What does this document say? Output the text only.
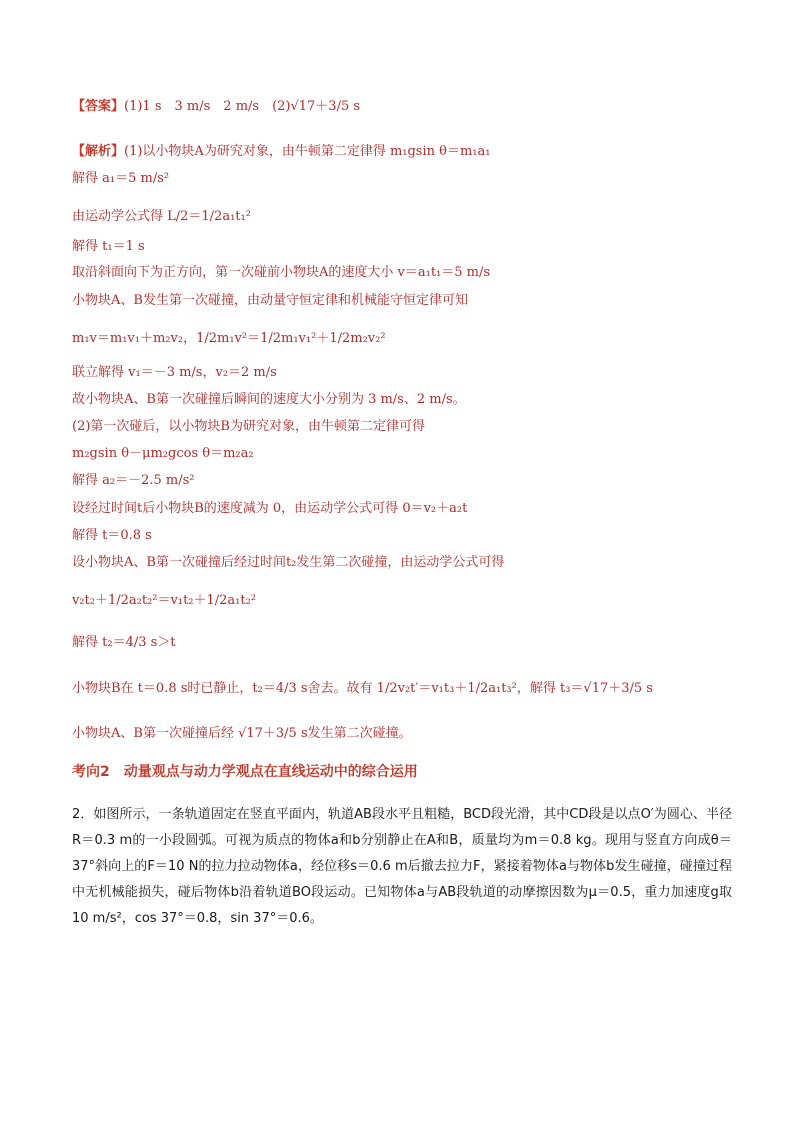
【答案】(1)1 s　3 m/s　2 m/s　(2)√17＋3/5 s
【解析】(1)以小物块A为研究对象，由牛顿第二定律得 m₁gsin θ＝m₁a₁
解得 a₁＝5 m/s²
由运动学公式得 L/2＝1/2a₁t₁²
解得 t₁＝1 s
取沿斜面向下为正方向，第一次碰前小物块A的速度大小 v＝a₁t₁＝5 m/s
小物块A、B发生第一次碰撞，由动量守恒定律和机械能守恒定律可知
m₁v＝m₁v₁＋m₂v₂，1/2m₁v²＝1/2m₁v₁²＋1/2m₂v₂²
联立解得 v₁＝－3 m/s，v₂＝2 m/s
故小物块A、B第一次碰撞后瞬间的速度大小分别为 3 m/s、2 m/s。
(2)第一次碰后，以小物块B为研究对象，由牛顿第二定律可得
m₂gsin θ－μm₂gcos θ＝m₂a₂
解得 a₂＝－2.5 m/s²
设经过时间t后小物块B的速度减为 0，由运动学公式可得 0＝v₂＋a₂t
解得 t＝0.8 s
设小物块A、B第一次碰撞后经过时间t₂发生第二次碰撞，由运动学公式可得
v₂t₂＋1/2a₂t₂²＝v₁t₂＋1/2a₁t₂²
解得 t₂＝4/3 s＞t
小物块B在 t＝0.8 s时已静止，t₂＝4/3 s舍去。故有 1/2v₂t′＝v₁t₃＋1/2a₁t₃²，解得 t₃＝√17＋3/5 s
小物块A、B第一次碰撞后经 √17＋3/5 s发生第二次碰撞。
考向2　动量观点与动力学观点在直线运动中的综合运用
2．如图所示，一条轨道固定在竖直平面内，轨道AB段水平且粗糙，BCD段光滑，其中CD段是以点O′为圆心、半径R＝0.3 m的一小段圆弧。可视为质点的物体a和b分别静止在A和B，质量均为m＝0.8 kg。现用与竖直方向成θ＝37°斜向上的F＝10 N的拉力拉动物体a，经位移s＝0.6 m后撤去拉力F，紧接着物体a与物体b发生碰撞，碰撞过程中无机械能损失，碰后物体b沿着轨道BO段运动。已知物体a与AB段轨道的动摩擦因数为μ＝0.5，重力加速度g取10 m/s²，cos 37°＝0.8，sin 37°＝0.6。
